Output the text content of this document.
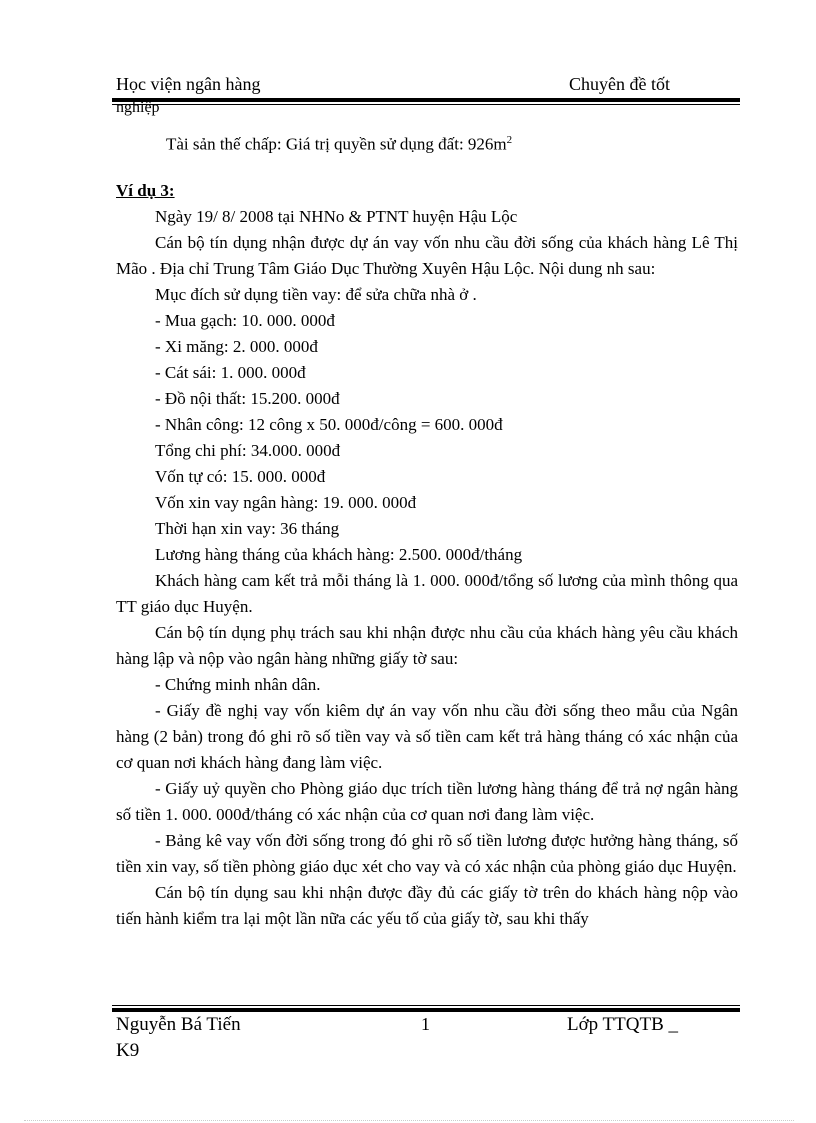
Học viện ngân hàng	Chuyên đề tốt
nghiệp
Tài sản thế chấp: Giá trị quyền sử dụng đất: $926m^2$

Ví dụ 3:

Ngày 19/ 8/ 2008 tại NHNo & PTNT huyện Hậu Lộc

Cán bộ tín dụng nhận được dự án vay vốn nhu cầu đời sống của khách hàng Lê Thị Mão . Địa chỉ Trung Tâm Giáo Dục Thường Xuyên Hậu Lộc. Nội dung nh sau:

Mục đích sử dụng tiền vay: để sửa chữa nhà ở .

- Mua gạch: 10. 000. 000đ

- Xi măng: 2. 000. 000đ

- Cát sái: 1. 000. 000đ

- Đồ nội thất: 15.200. 000đ

- Nhân công: 12 công x 50. 000đ/công = 600. 000đ

Tổng chi phí: 34.000. 000đ

Vốn tự có: 15. 000. 000đ

Vốn xin vay ngân hàng: 19. 000. 000đ

Thời hạn xin vay: 36 tháng

Lương hàng tháng của khách hàng: 2.500. 000đ/tháng

Khách hàng cam kết trả mỗi tháng là 1. 000. 000đ/tổng số lương của mình thông qua TT giáo dục Huyện.

Cán bộ tín dụng phụ trách sau khi nhận được nhu cầu của khách hàng yêu cầu khách hàng lập và nộp vào ngân hàng những giấy tờ sau:

- Chứng minh nhân dân.

- Giấy đề nghị vay vốn kiêm dự án vay vốn nhu cầu đời sống theo mẫu của Ngân hàng (2 bản) trong đó ghi rõ số tiền vay và số tiền cam kết trả hàng tháng có xác nhận của cơ quan nơi khách hàng đang làm việc.

- Giấy uỷ quyền cho Phòng giáo dục trích tiền lương hàng tháng để trả nợ ngân hàng số tiền 1. 000. 000đ/tháng có xác nhận của cơ quan nơi đang làm việc.

- Bảng kê vay vốn đời sống trong đó ghi rõ số tiền lương được hưởng hàng tháng, số tiền xin vay, số tiền phòng giáo dục xét cho vay và có xác nhận của phòng giáo dục Huyện.

Cán bộ tín dụng sau khi nhận được đầy đủ các giấy tờ trên do khách hàng nộp vào tiến hành kiểm tra lại một lần nữa các yếu tố của giấy tờ, sau khi thấy

Nguyễn Bá Tiến	1	Lớp TTQTB _
K9
